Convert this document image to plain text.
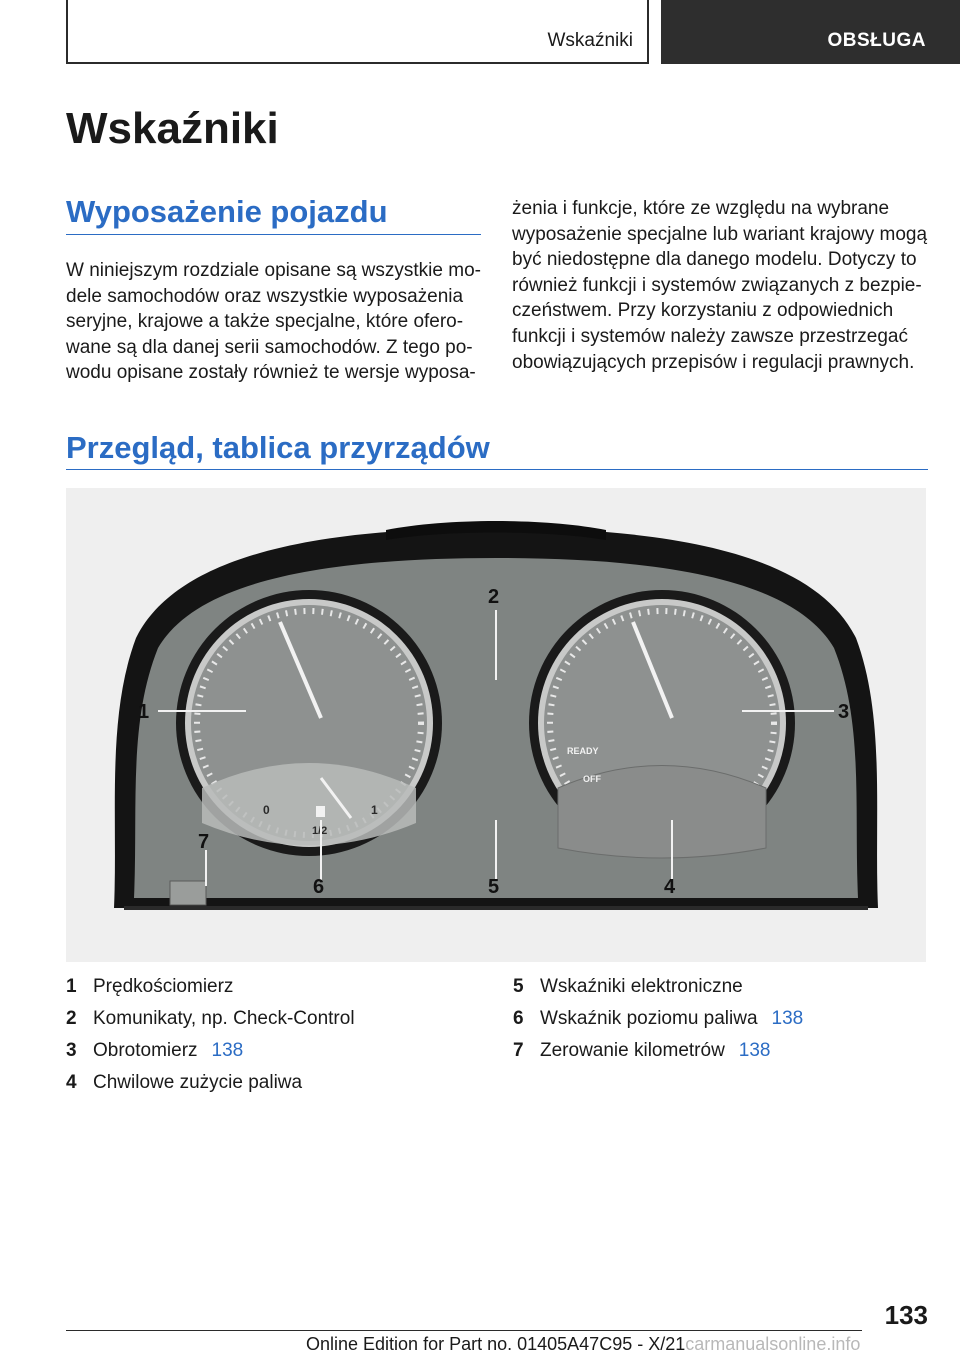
Wskaźniki	OBSŁUGA
Wskaźniki
Wyposażenie pojazdu
W niniejszym rozdziale opisane są wszystkie mo‐
dele samochodów oraz wszystkie wyposażenia
seryjne, krajowe a także specjalne, które ofero‐
wane są dla danej serii samochodów. Z tego po‐
wodu opisane zostały również te wersje wyposa‐
żenia i funkcje, które ze względu na wybrane
wyposażenie specjalne lub wariant krajowy mogą
być niedostępne dla danego modelu. Dotyczy to
również funkcji i systemów związanych z bezpie‐
czeństwem. Przy korzystaniu z odpowiednich
funkcji i systemów należy zawsze przestrzegać
obowiązujących przepisów i regulacji prawnych.
Przegląd, tablica przyrządów
0	1
1/2
READY
OFF
1
2
3
4
5
6
7
1 Prędkościomierz
2 Komunikaty, np. Check-Control
3 Obrotomierz 138
4 Chwilowe zużycie paliwa
5 Wskaźniki elektroniczne
6 Wskaźnik poziomu paliwa 138
7 Zerowanie kilometrów 138
133
Online Edition for Part no. 01405A47C95 - X/21carmanualsonline.info
